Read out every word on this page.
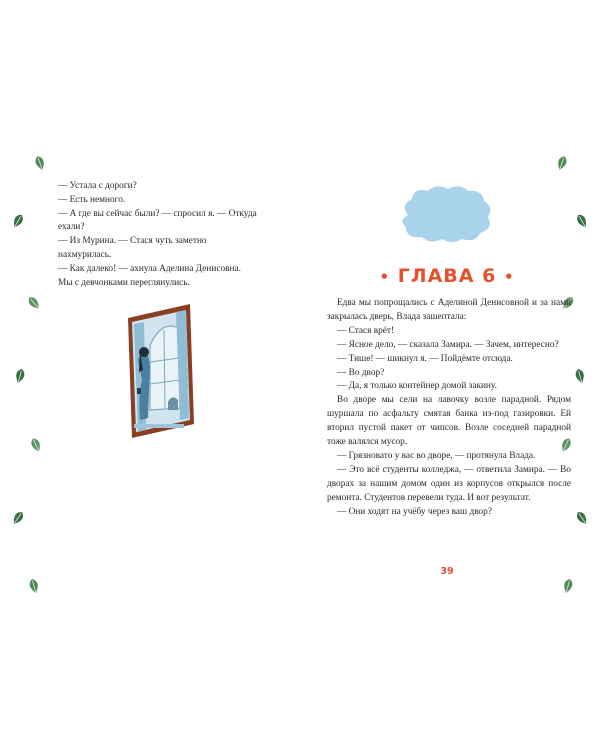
— Устала с дороги?

— Есть немного.

— А где вы сейчас были? — спросил я. — Откуда ехали?

— Из Мурина. — Стася чуть заметно нахмурилась.

— Как далеко! — ахнула Аделина Денисовна.

Мы с девчонками переглянулись.	• ГЛАВА 6 •

Едва мы попрощались с Аделиной Денисовной и за нами закрылась дверь, Влада зашептала:

— Стася врёт!

— Ясное дело, — сказала Замира. — Зачем, интересно?

— Тише! — шикнул я. — Пойдёмте отсюда.

— Во двор?

— Да, я только контейнер домой закину.

Во дворе мы сели на лавочку возле парадной. Рядом шуршала по асфальту смятая банка из-под газировки. Ей вторил пустой пакет от чипсов. Возле соседней парадной тоже валялся мусор.

— Грязновато у вас во дворе, — протянула Влада.

— Это всё студенты колледжа, — ответила Замира. — Во дворах за нашим домом один из корпусов открылся после ремонта. Студентов перевели туда. И вот результат.

— Они ходят на учёбу через ваш двор?

39
